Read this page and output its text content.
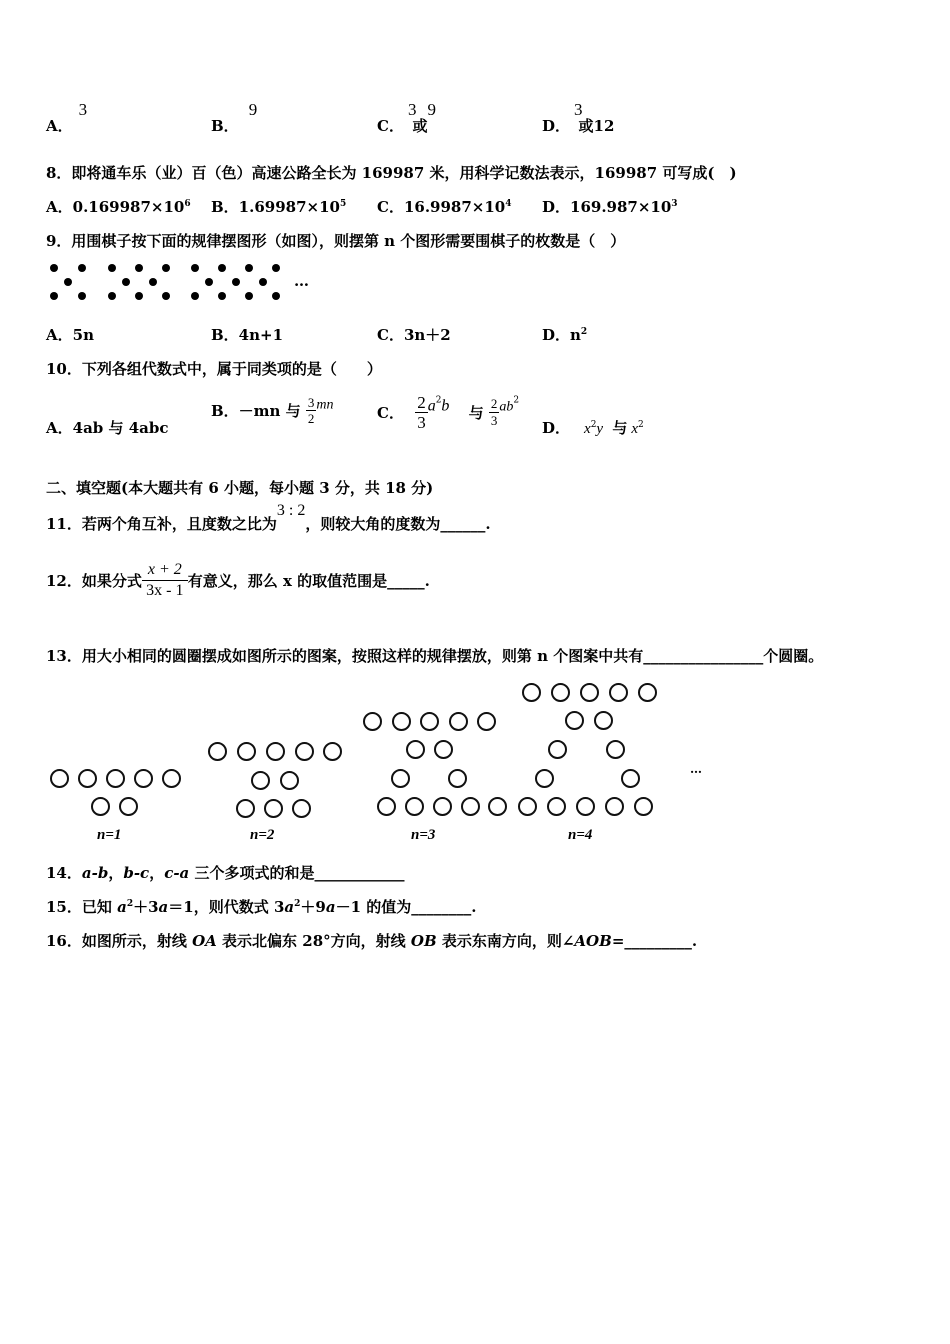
A．3
B．9
C．3或9
D．3或12
8．即将通车乐（业）百（色）高速公路全长为 169987 米，用科学记数法表示，169987 可写成(　)
A．$0.169987\times 10^6$ B．$1.69987\times 10^5$ C．$16.9987\times 10^4$ D．$169.987\times 10^3$
9．用围棋子按下面的规律摆图形（如图），则摆第 n 个图形需要围棋子的枚数是（　）
…
A．5n	B．4n+1	C．3n＋2	D．$n^2$
10．下列各组代数式中，属于同类项的是（　　）
A．4ab 与 4abc
B．－mn 与 $\frac{3}{2}$ mn	C． $\frac{2}{3} a^2b$ 与 $\frac{2}{3} ab^2$
D． $x^2y$ 与 $x^2$
二、填空题(本大题共有 6 小题，每小题 3 分，共 18 分)
11．若两个角互补，且度数之比为3 : 2，则较大角的度数为______.
12．如果分式 $\frac{x + 2}{3x - 1}$ 有意义，那么 x 的取值范围是_____.
13．用大小相同的圆圈摆成如图所示的图案，按照这样的规律摆放，则第 n 个图案中共有________________个圆圈。
…
n=1	n=2	n=3	n=4
14．a-b，b-c，c-a 三个多项式的和是____________
15．已知 $a^2+3a=1$，则代数式 $3a^2+9a-1$ 的值为________.
16．如图所示，射线 OA 表示北偏东 28°方向，射线 OB 表示东南方向，则∠AOB=_________.
